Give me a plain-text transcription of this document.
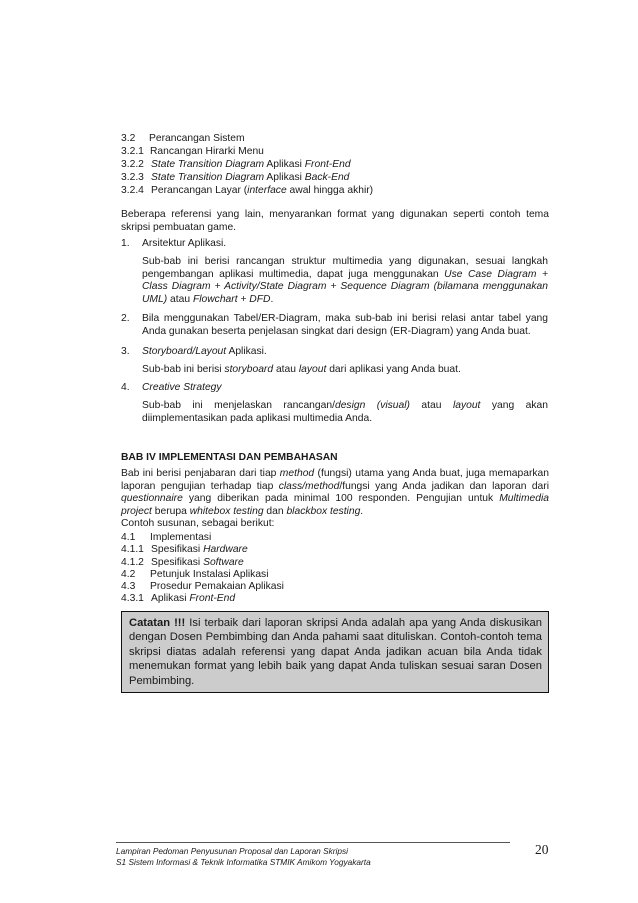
3.2	Perancangan Sistem
3.2.1 Rancangan Hirarki Menu
3.2.2 State Transition Diagram Aplikasi Front-End
3.2.3 State Transition Diagram Aplikasi Back-End
3.2.4 Perancangan Layar (interface awal hingga akhir)
Beberapa referensi yang lain, menyarankan format yang digunakan seperti contoh tema skripsi pembuatan game.
1. Arsitektur Aplikasi.
Sub-bab ini berisi rancangan struktur multimedia yang digunakan, sesuai langkah pengembangan aplikasi multimedia, dapat juga menggunakan Use Case Diagram + Class Diagram + Activity/State Diagram + Sequence Diagram (bilamana menggunakan UML) atau Flowchart + DFD.
2. Bila menggunakan Tabel/ER-Diagram, maka sub-bab ini berisi relasi antar tabel yang Anda gunakan beserta penjelasan singkat dari design (ER-Diagram) yang Anda buat.
3. Storyboard/Layout Aplikasi.
Sub-bab ini berisi storyboard atau layout dari aplikasi yang Anda buat.
4. Creative Strategy
Sub-bab ini menjelaskan rancangan/design (visual) atau layout yang akan diimplementasikan pada aplikasi multimedia Anda.
BAB IV IMPLEMENTASI DAN PEMBAHASAN
Bab ini berisi penjabaran dari tiap method (fungsi) utama yang Anda buat, juga memaparkan laporan pengujian terhadap tiap class/method/fungsi yang Anda jadikan dan laporan dari questionnaire yang diberikan pada minimal 100 responden. Pengujian untuk Multimedia project berupa whitebox testing dan blackbox testing.
Contoh susunan, sebagai berikut:
4.1 Implementasi
4.1.1 Spesifikasi Hardware
4.1.2 Spesifikasi Software
4.2 Petunjuk Instalasi Aplikasi
4.3 Prosedur Pemakaian Aplikasi
4.3.1 Aplikasi Front-End
Catatan !!! Isi terbaik dari laporan skripsi Anda adalah apa yang Anda diskusikan dengan Dosen Pembimbing dan Anda pahami saat dituliskan. Contoh-contoh tema skripsi diatas adalah referensi yang dapat Anda jadikan acuan bila Anda tidak menemukan format yang lebih baik yang dapat Anda tuliskan sesuai saran Dosen Pembimbing.
Lampiran Pedoman Penyusunan Proposal dan Laporan Skripsi
S1 Sistem Informasi & Teknik Informatika STMIK Amikom Yogyakarta
20
